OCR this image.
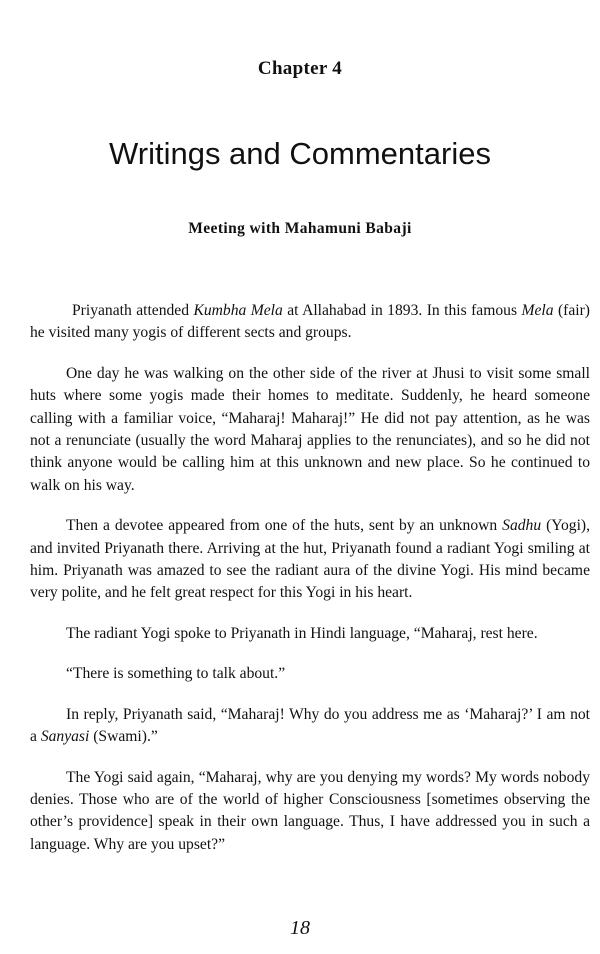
Chapter 4
Writings and Commentaries
Meeting with Mahamuni Babaji

Priyanath attended Kumbha Mela at Allahabad in 1893. In this famous Mela (fair) he visited many yogis of different sects and groups.

One day he was walking on the other side of the river at Jhusi to visit some small huts where some yogis made their homes to meditate. Suddenly, he heard someone calling with a familiar voice, “Maharaj! Maharaj!” He did not pay attention, as he was not a renunciate (usually the word Maharaj applies to the renunciates), and so he did not think anyone would be calling him at this unknown and new place. So he continued to walk on his way.

Then a devotee appeared from one of the huts, sent by an unknown Sadhu (Yogi), and invited Priyanath there. Arriving at the hut, Priyanath found a radiant Yogi smiling at him. Priyanath was amazed to see the radiant aura of the divine Yogi. His mind became very polite, and he felt great respect for this Yogi in his heart.

The radiant Yogi spoke to Priyanath in Hindi language, “Maharaj, rest here.

“There is something to talk about.”

In reply, Priyanath said, “Maharaj! Why do you address me as ‘Maharaj?’ I am not a Sanyasi (Swami).”

The Yogi said again, “Maharaj, why are you denying my words? My words nobody denies. Those who are of the world of higher Consciousness [sometimes observing the other’s providence] speak in their own language. Thus, I have addressed you in such a language. Why are you upset?”

18
